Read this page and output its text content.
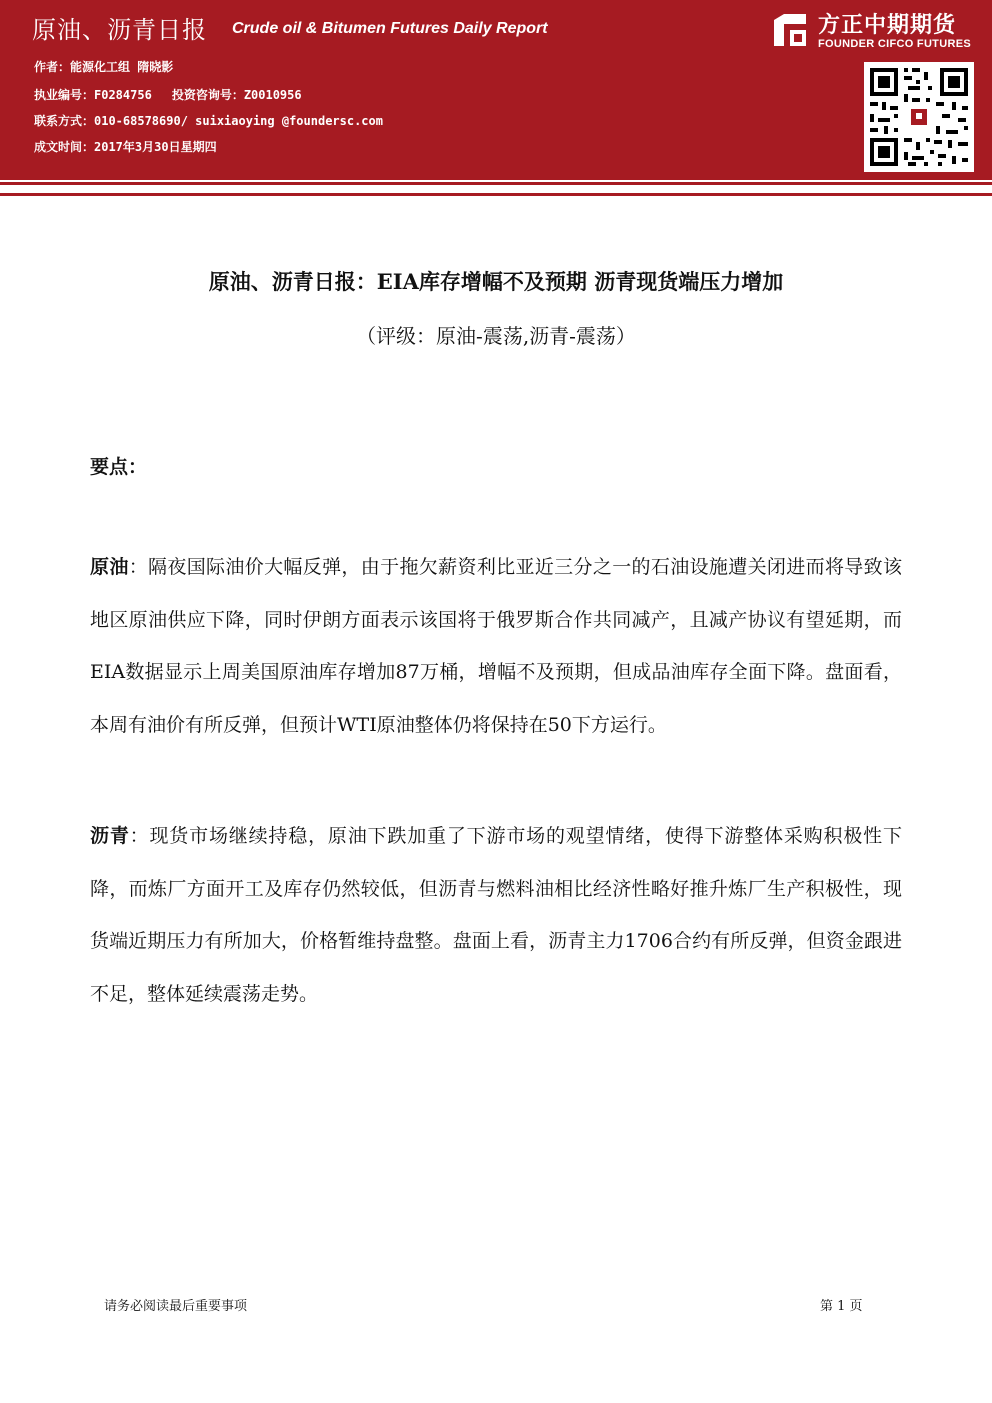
原油、沥青日报 Crude oil & Bitumen Futures Daily Report	方正中期期货
FOUNDER CIFCO FUTURES
作者：能源化工组 隋晓影
执业编号：F0284756 投资咨询号：Z0010956
联系方式：010-68578690/ suixiaoying @foundersc.com
成文时间：2017年3月30日星期四
原油、沥青日报：EIA库存增幅不及预期 沥青现货端压力增加
（评级：原油-震荡,沥青-震荡）
要点：
原油：隔夜国际油价大幅反弹，由于拖欠薪资利比亚近三分之一的石油设施遭关闭进而将导致该地区原油供应下降，同时伊朗方面表示该国将于俄罗斯合作共同减产，且减产协议有望延期，而EIA数据显示上周美国原油库存增加87万桶，增幅不及预期，但成品油库存全面下降。盘面看，本周有油价有所反弹，但预计WTI原油整体仍将保持在50下方运行。
沥青：现货市场继续持稳，原油下跌加重了下游市场的观望情绪，使得下游整体采购积极性下降，而炼厂方面开工及库存仍然较低，但沥青与燃料油相比经济性略好推升炼厂生产积极性，现货端近期压力有所加大，价格暂维持盘整。盘面上看，沥青主力1706合约有所反弹，但资金跟进不足，整体延续震荡走势。
请务必阅读最后重要事项	第 1 页
